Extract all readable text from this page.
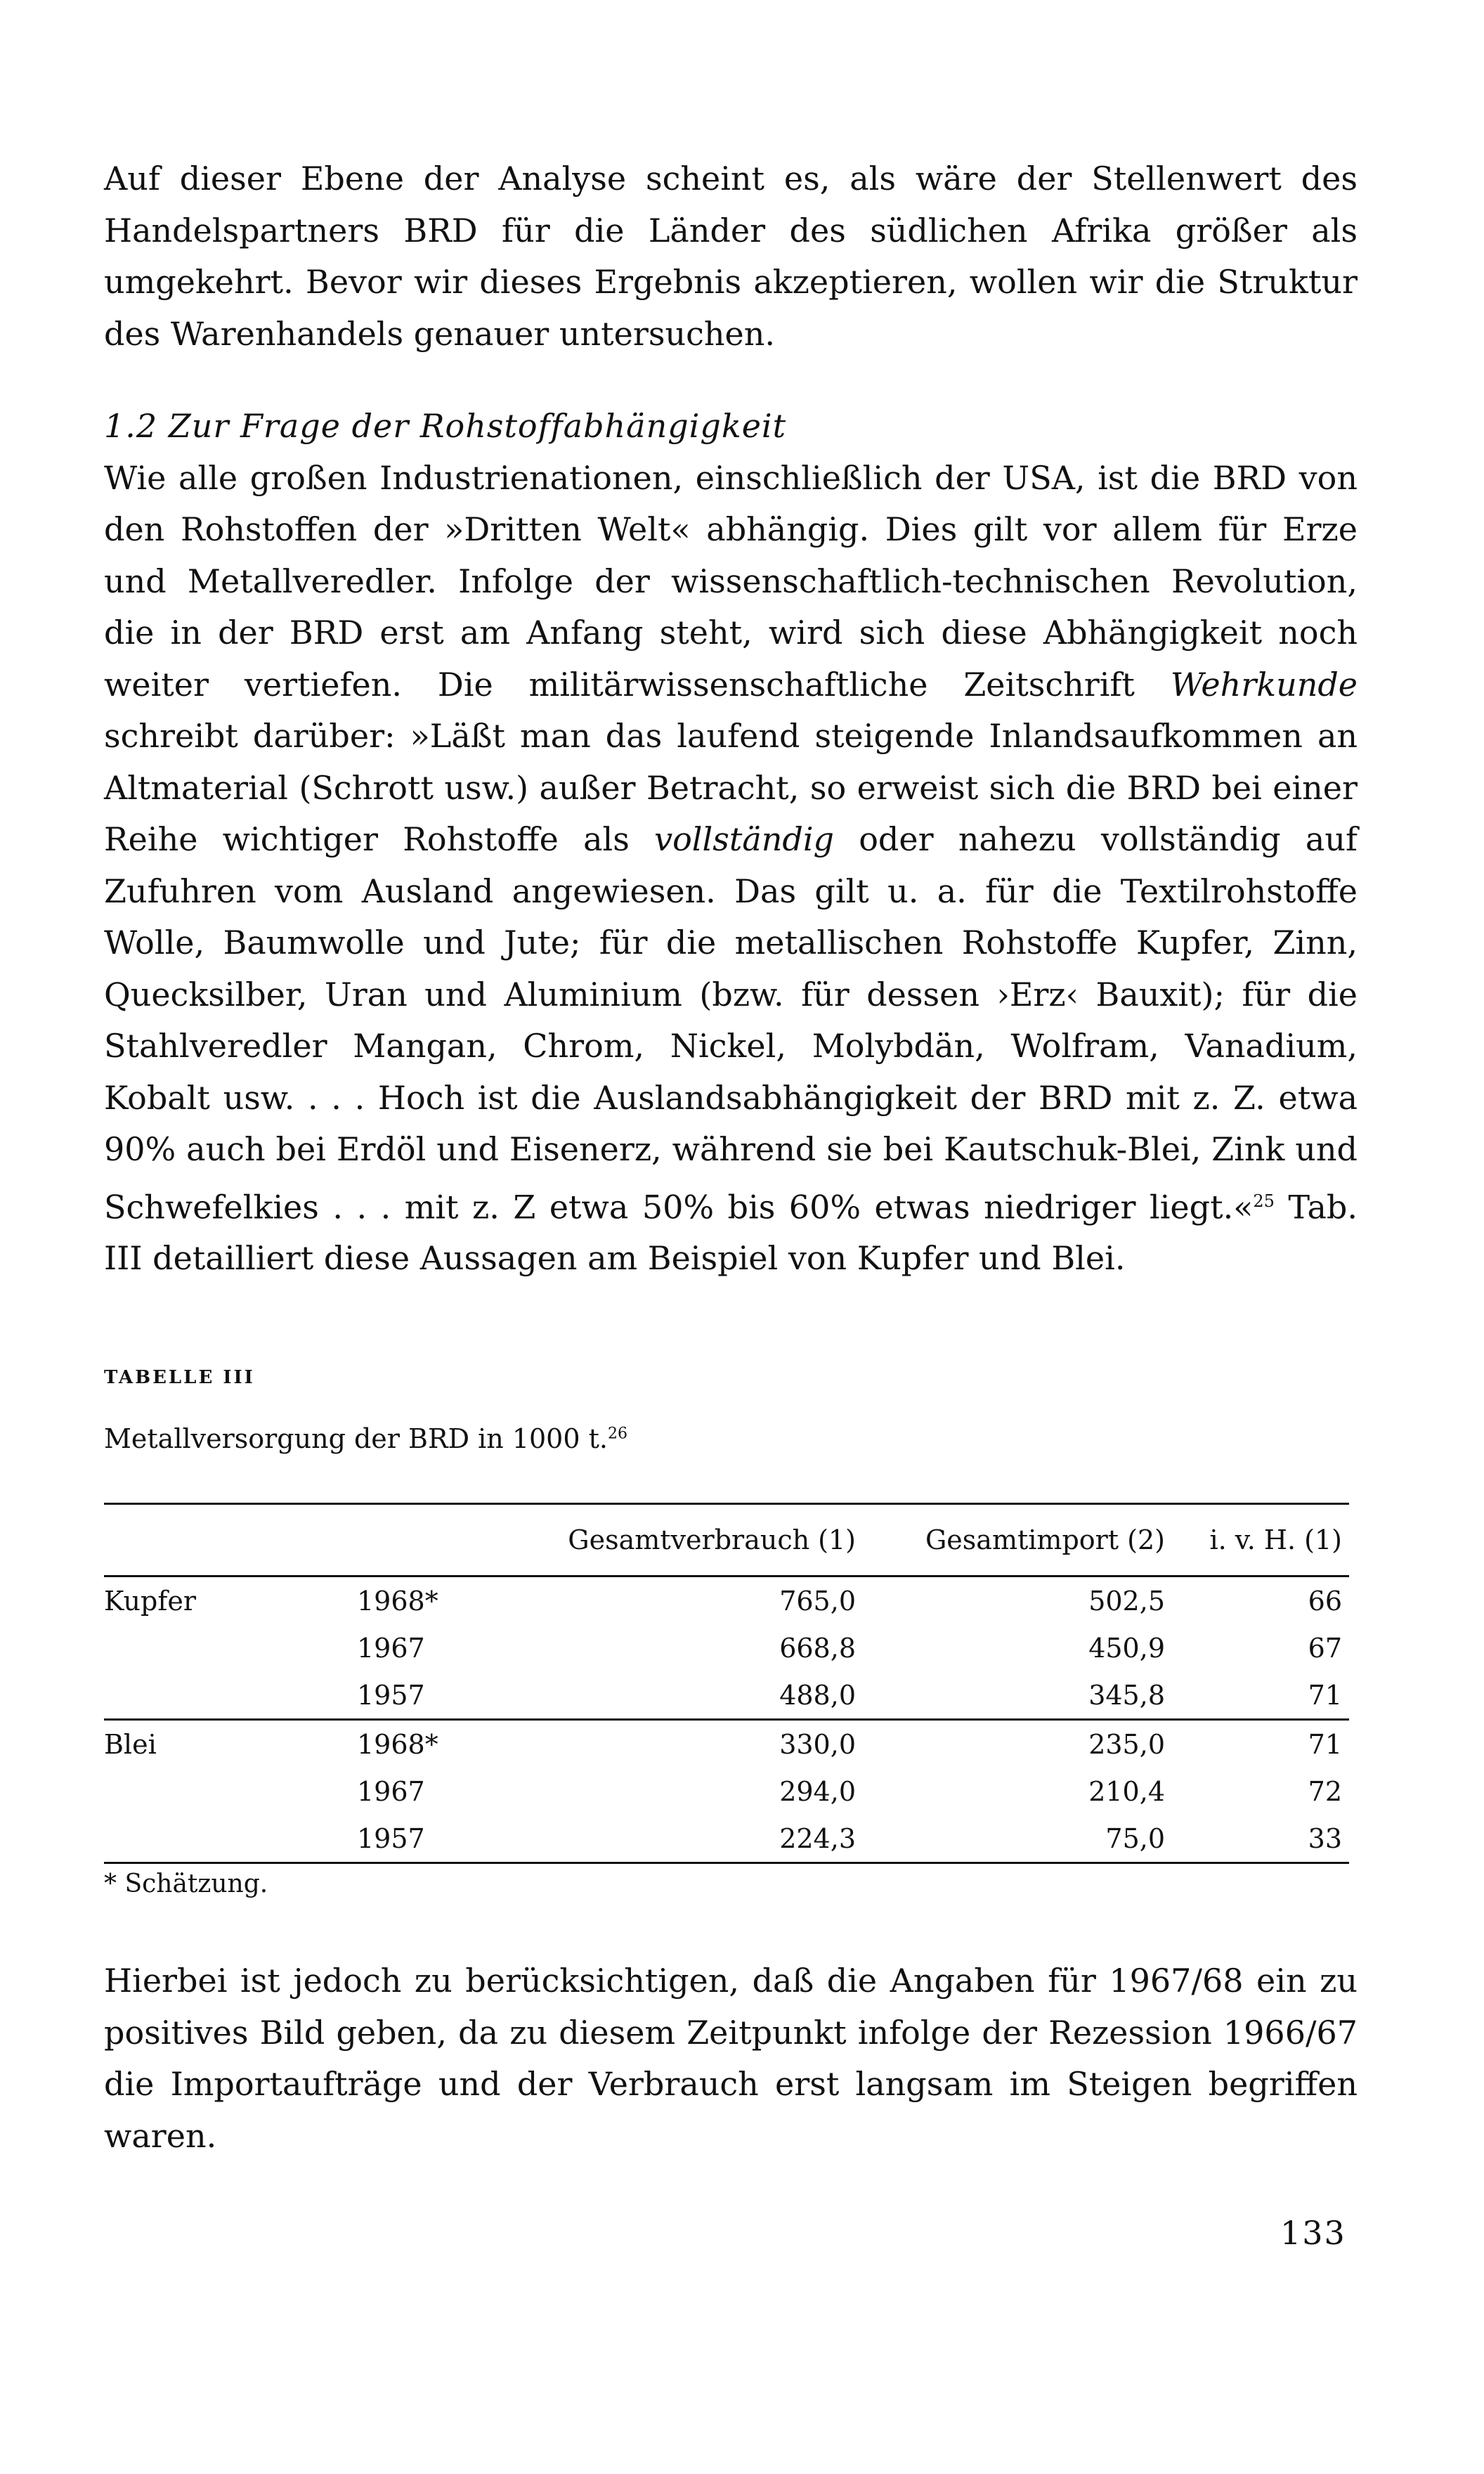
Auf dieser Ebene der Analyse scheint es, als wäre der Stellenwert des Handelspartners BRD für die Länder des südlichen Afrika größer als umgekehrt. Bevor wir dieses Ergebnis akzeptieren, wollen wir die Struktur des Warenhandels genauer untersuchen.

1.2 Zur Frage der Rohstoffabhängigkeit

Wie alle großen Industrienationen, einschließlich der USA, ist die BRD von den Rohstoffen der »Dritten Welt« abhängig. Dies gilt vor allem für Erze und Metallveredler. Infolge der wissenschaftlich-technischen Revolution, die in der BRD erst am Anfang steht, wird sich diese Abhängigkeit noch weiter vertiefen. Die militärwissenschaftliche Zeitschrift Wehrkunde schreibt darüber: »Läßt man das laufend steigende Inlandsaufkommen an Altmaterial (Schrott usw.) außer Betracht, so erweist sich die BRD bei einer Reihe wichtiger Rohstoffe als vollständig oder nahezu vollständig auf Zufuhren vom Ausland angewiesen. Das gilt u. a. für die Textilrohstoffe Wolle, Baumwolle und Jute; für die metallischen Rohstoffe Kupfer, Zinn, Quecksilber, Uran und Aluminium (bzw. für dessen ›Erz‹ Bauxit); für die Stahlveredler Mangan, Chrom, Nickel, Molybdän, Wolfram, Vanadium, Kobalt usw. . . . Hoch ist die Auslandsabhängigkeit der BRD mit z. Z. etwa 90% auch bei Erdöl und Eisenerz, während sie bei Kautschuk-Blei, Zink und Schwefelkies . . . mit z. Z etwa 50% bis 60% etwas niedriger liegt.«$^{25}$ Tab. III detailliert diese Aussagen am Beispiel von Kupfer und Blei.

TABELLE III

Metallversorgung der BRD in 1000 t.$^{26}$

		Gesamtverbrauch (1)	Gesamtimport (2)	i. v. H. (1)
Kupfer	1968*	765,0	502,5	66
	1967	668,8	450,9	67
	1957	488,0	345,8	71
Blei	1968*	330,0	235,0	71
	1967	294,0	210,4	72
	1957	224,3	75,0	33

* Schätzung.

Hierbei ist jedoch zu berücksichtigen, daß die Angaben für 1967/68 ein zu positives Bild geben, da zu diesem Zeitpunkt infolge der Rezession 1966/67 die Importaufträge und der Verbrauch erst langsam im Steigen begriffen waren.

133
